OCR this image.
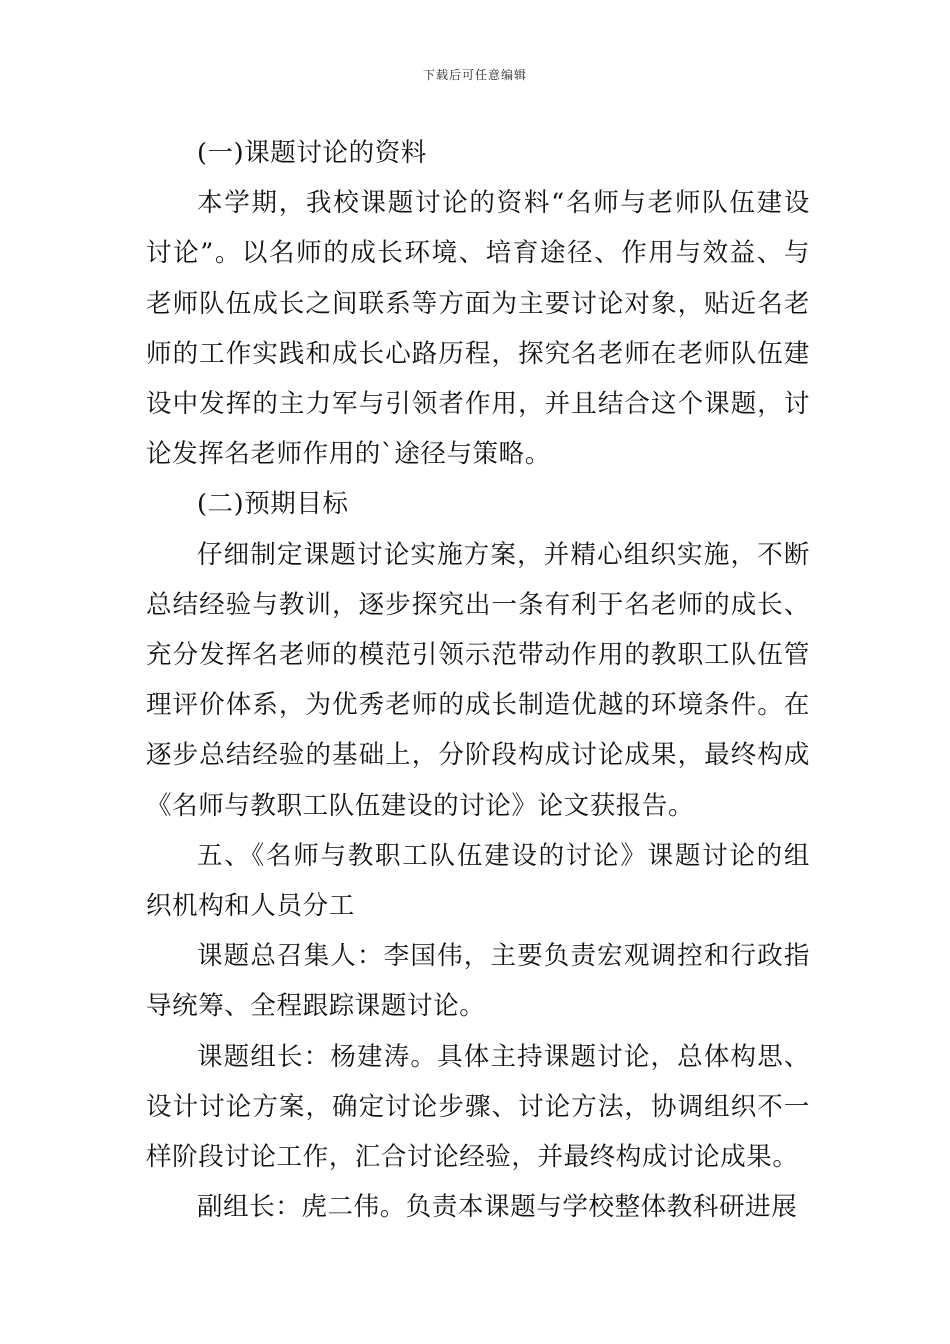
下载后可任意编辑

(一)课题讨论的资料

本学期，我校课题讨论的资料“名师与老师队伍建设讨论”。以名师的成长环境、培育途径、作用与效益、与老师队伍成长之间联系等方面为主要讨论对象，贴近名老师的工作实践和成长心路历程，探究名老师在老师队伍建设中发挥的主力军与引领者作用，并且结合这个课题，讨论发挥名老师作用的`途径与策略。

(二)预期目标

仔细制定课题讨论实施方案，并精心组织实施，不断总结经验与教训，逐步探究出一条有利于名老师的成长、充分发挥名老师的模范引领示范带动作用的教职工队伍管理评价体系，为优秀老师的成长制造优越的环境条件。在逐步总结经验的基础上，分阶段构成讨论成果，最终构成《名师与教职工队伍建设的讨论》论文获报告。

五、《名师与教职工队伍建设的讨论》课题讨论的组织机构和人员分工

课题总召集人：李国伟，主要负责宏观调控和行政指导统筹、全程跟踪课题讨论。

课题组长：杨建涛。具体主持课题讨论，总体构思、设计讨论方案，确定讨论步骤、讨论方法，协调组织不一样阶段讨论工作，汇合讨论经验，并最终构成讨论成果。

副组长：虎二伟。负责本课题与学校整体教科研进展
